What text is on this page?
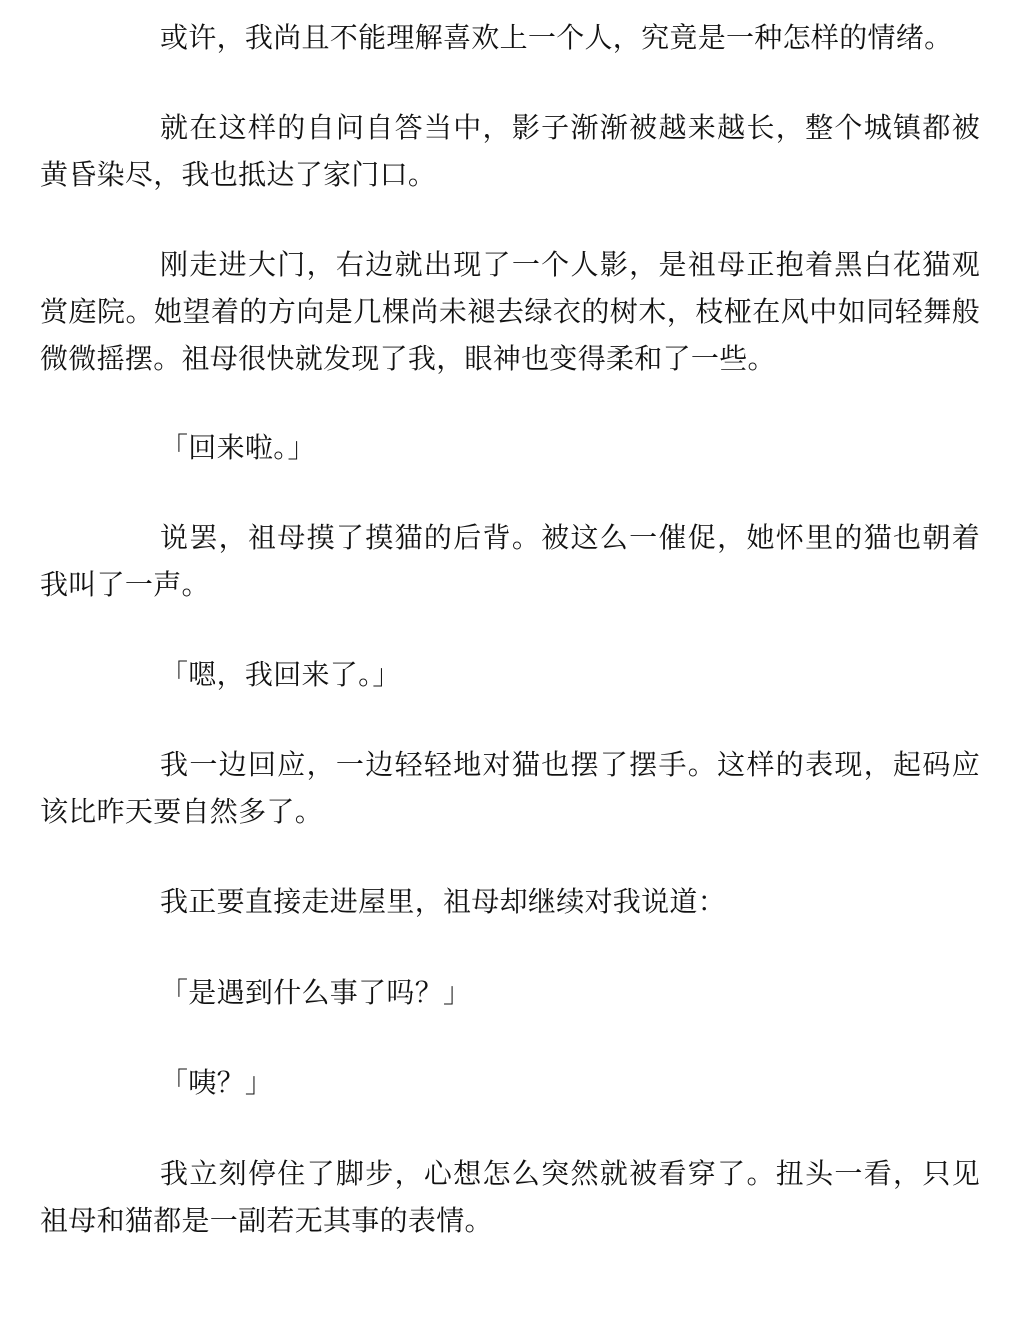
或许，我尚且不能理解喜欢上一个人，究竟是一种怎样的情绪。

就在这样的自问自答当中，影子渐渐被越来越长，整个城镇都被黄昏染尽，我也抵达了家门口。

刚走进大门，右边就出现了一个人影，是祖母正抱着黑白花猫观赏庭院。她望着的方向是几棵尚未褪去绿衣的树木，枝桠在风中如同轻舞般微微摇摆。祖母很快就发现了我，眼神也变得柔和了一些。

「回来啦。」

说罢，祖母摸了摸猫的后背。被这么一催促，她怀里的猫也朝着我叫了一声。

「嗯，我回来了。」

我一边回应，一边轻轻地对猫也摆了摆手。这样的表现，起码应该比昨天要自然多了。

我正要直接走进屋里，祖母却继续对我说道：

「是遇到什么事了吗？」

「咦？」

我立刻停住了脚步，心想怎么突然就被看穿了。扭头一看，只见祖母和猫都是一副若无其事的表情。
